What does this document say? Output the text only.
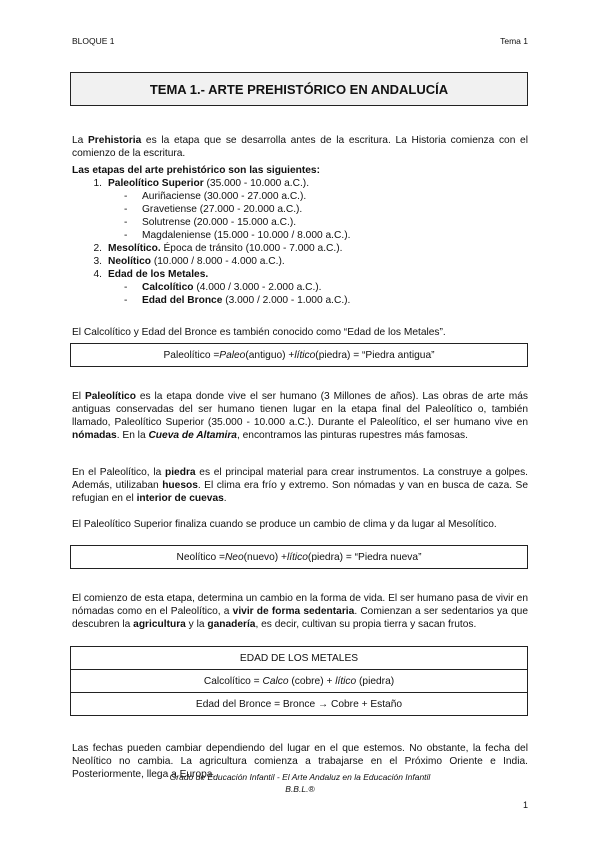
BLOQUE 1	Tema 1
TEMA 1.- ARTE PREHISTÓRICO EN ANDALUCÍA

La Prehistoria es la etapa que se desarrolla antes de la escritura. La Historia comienza con el comienzo de la escritura.

Las etapas del arte prehistórico son las siguientes:
1. Paleolítico Superior (35.000 - 10.000 a.C.).
-	Auriñaciense (30.000 - 27.000 a.C.).
-	Gravetiense (27.000 - 20.000 a.C.).
-	Solutrense (20.000 - 15.000 a.C.).
-	Magdaleniense (15.000 - 10.000 / 8.000 a.C.).
2. Mesolítico. Época de tránsito (10.000 - 7.000 a.C.).
3. Neolítico (10.000 / 8.000 - 4.000 a.C.).
4. Edad de los Metales.
-	Calcolítico (4.000 / 3.000 - 2.000 a.C.).
-	Edad del Bronce (3.000 / 2.000 - 1.000 a.C.).

El Calcolítico y Edad del Bronce es también conocido como “Edad de los Metales”.

Paleolítico = Paleo (antiguo) + lítico (piedra) = “Piedra antigua”

El Paleolítico es la etapa donde vive el ser humano (3 Millones de años). Las obras de arte más antiguas conservadas del ser humano tienen lugar en la etapa final del Paleolítico o, también llamado, Paleolítico Superior (35.000 - 10.000 a.C.). Durante el Paleolítico, el ser humano vive en nómadas. En la Cueva de Altamira, encontramos las pinturas rupestres más famosas.

En el Paleolítico, la piedra es el principal material para crear instrumentos. La construye a golpes. Además, utilizaban huesos. El clima era frío y extremo. Son nómadas y van en busca de caza. Se refugian en el interior de cuevas.

El Paleolítico Superior finaliza cuando se produce un cambio de clima y da lugar al Mesolítico.

Neolítico = Neo (nuevo) + lítico (piedra) = “Piedra nueva”

El comienzo de esta etapa, determina un cambio en la forma de vida. El ser humano pasa de vivir en nómadas como en el Paleolítico, a vivir de forma sedentaria. Comienzan a ser sedentarios ya que descubren la agricultura y la ganadería, es decir, cultivan su propia tierra y sacan frutos.

EDAD DE LOS METALES
Calcolítico = Calco (cobre) + lítico (piedra)
Edad del Bronce = Bronce → Cobre + Estaño

Las fechas pueden cambiar dependiendo del lugar en el que estemos. No obstante, la fecha del Neolítico no cambia. La agricultura comienza a trabajarse en el Próximo Oriente e India. Posteriormente, llega a Europa.

Grado de Educación Infantil - El Arte Andaluz en la Educación Infantil
B.B.L.®
1
